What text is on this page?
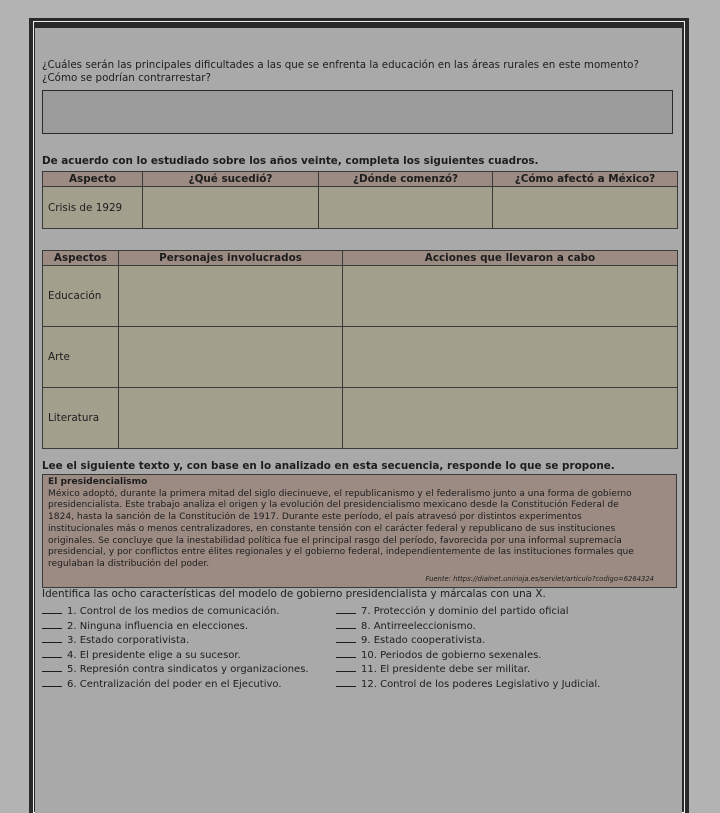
¿Cuáles serán las principales dificultades a las que se enfrenta la educación en las áreas rurales en este momento?
¿Cómo se podrían contrarrestar?
De acuerdo con lo estudiado sobre los años veinte, completa los siguientes cuadros.
Aspecto	¿Qué sucedió?	¿Dónde comenzó?	¿Cómo afectó a México?
Crisis de 1929			
Aspectos	Personajes involucrados	Acciones que llevaron a cabo
Educación		
Arte		
Literatura		
Lee el siguiente texto y, con base en lo analizado en esta secuencia, responde lo que se propone.
El presidencialismo
México adoptó, durante la primera mitad del siglo diecinueve, el republicanismo y el federalismo junto a una forma de gobierno
presidencialista. Este trabajo analiza el origen y la evolución del presidencialismo mexicano desde la Constitución Federal de
1824, hasta la sanción de la Constitución de 1917. Durante este período, el país atravesó por distintos experimentos
institucionales más o menos centralizadores, en constante tensión con el carácter federal y republicano de sus instituciones
originales. Se concluye que la inestabilidad política fue el principal rasgo del período, favorecida por una informal supremacía
presidencial, y por conflictos entre élites regionales y el gobierno federal, independientemente de las instituciones formales que
regulaban la distribución del poder.
Fuente: https://dialnet.unirioja.es/servlet/articulo?codigo=6264324
Identifica las ocho características del modelo de gobierno presidencialista y márcalas con una X.
1. Control de los medios de comunicación.
2. Ninguna influencia en elecciones.
3. Estado corporativista.
4. El presidente elige a su sucesor.
5. Represión contra sindicatos y organizaciones.
6. Centralización del poder en el Ejecutivo.
7. Protección y dominio del partido oficial
8. Antirreeleccionismo.
9. Estado cooperativista.
10. Periodos de gobierno sexenales.
11. El presidente debe ser militar.
12. Control de los poderes Legislativo y Judicial.
